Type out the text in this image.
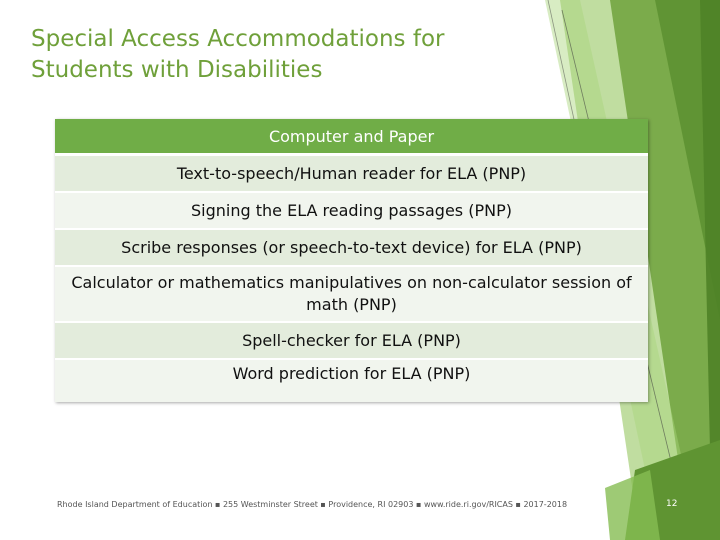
Special Access Accommodations for
Students with Disabilities
Computer and Paper
Text-to-speech/Human reader for ELA (PNP)
Signing the ELA reading passages (PNP)
Scribe responses (or speech-to-text device) for ELA (PNP)
Calculator or mathematics manipulatives on non-calculator session of math (PNP)
Spell-checker for ELA (PNP)
Word prediction for ELA (PNP)
Rhode Island Department of Education ▪ 255 Westminster Street ▪ Providence, RI 02903 ▪ www.ride.ri.gov/RICAS ▪ 2017-2018	12
